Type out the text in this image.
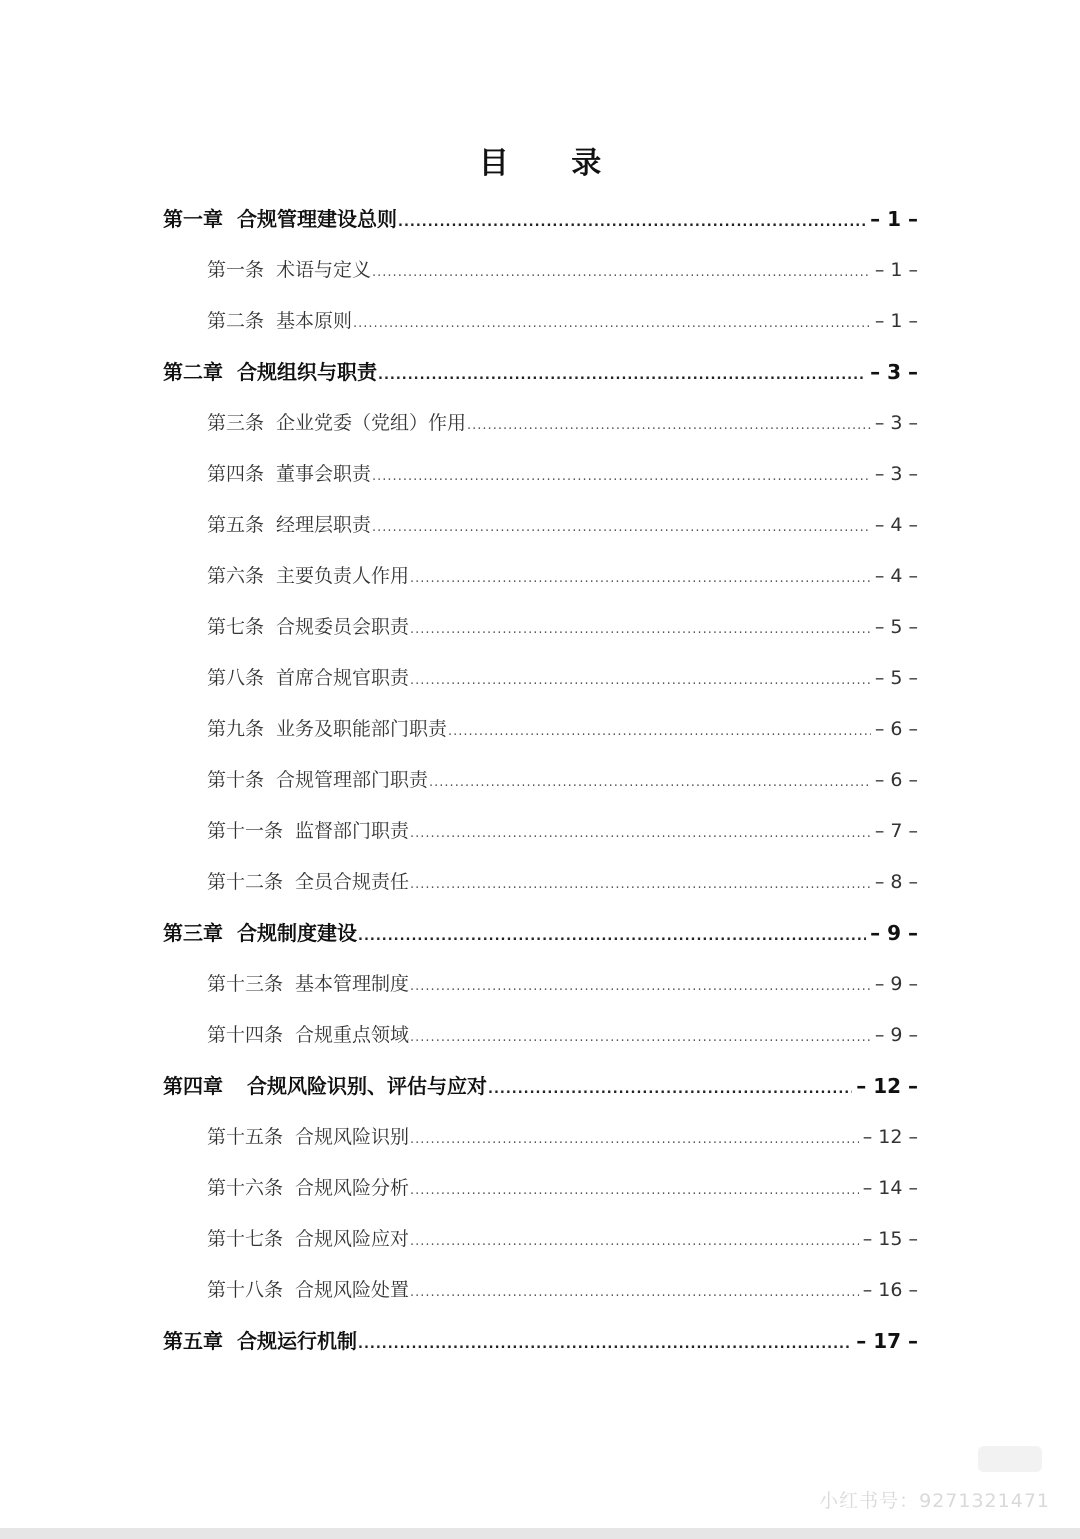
目 录
第一章 合规管理建设总则 .....	– 1 –
第一条 术语与定义 .....	– 1 –
第二条 基本原则 .....	– 1 –
第二章 合规组织与职责 .....	– 3 –
第三条 企业党委（党组）作用 .....	– 3 –
第四条 董事会职责 .....	– 3 –
第五条 经理层职责 .....	– 4 –
第六条 主要负责人作用 .....	– 4 –
第七条 合规委员会职责 .....	– 5 –
第八条 首席合规官职责 .....	– 5 –
第九条 业务及职能部门职责 .....	– 6 –
第十条 合规管理部门职责 .....	– 6 –
第十一条 监督部门职责 .....	– 7 –
第十二条 全员合规责任 .....	– 8 –
第三章 合规制度建设 .....	– 9 –
第十三条 基本管理制度 .....	– 9 –
第十四条 合规重点领域 .....	– 9 –
第四章 合规风险识别、评估与应对 .....	– 12 –
第十五条 合规风险识别 .....	– 12 –
第十六条 合规风险分析 .....	– 14 –
第十七条 合规风险应对 .....	– 15 –
第十八条 合规风险处置 .....	– 16 –
第五章 合规运行机制 .....	– 17 –
小红书号：9271321471
